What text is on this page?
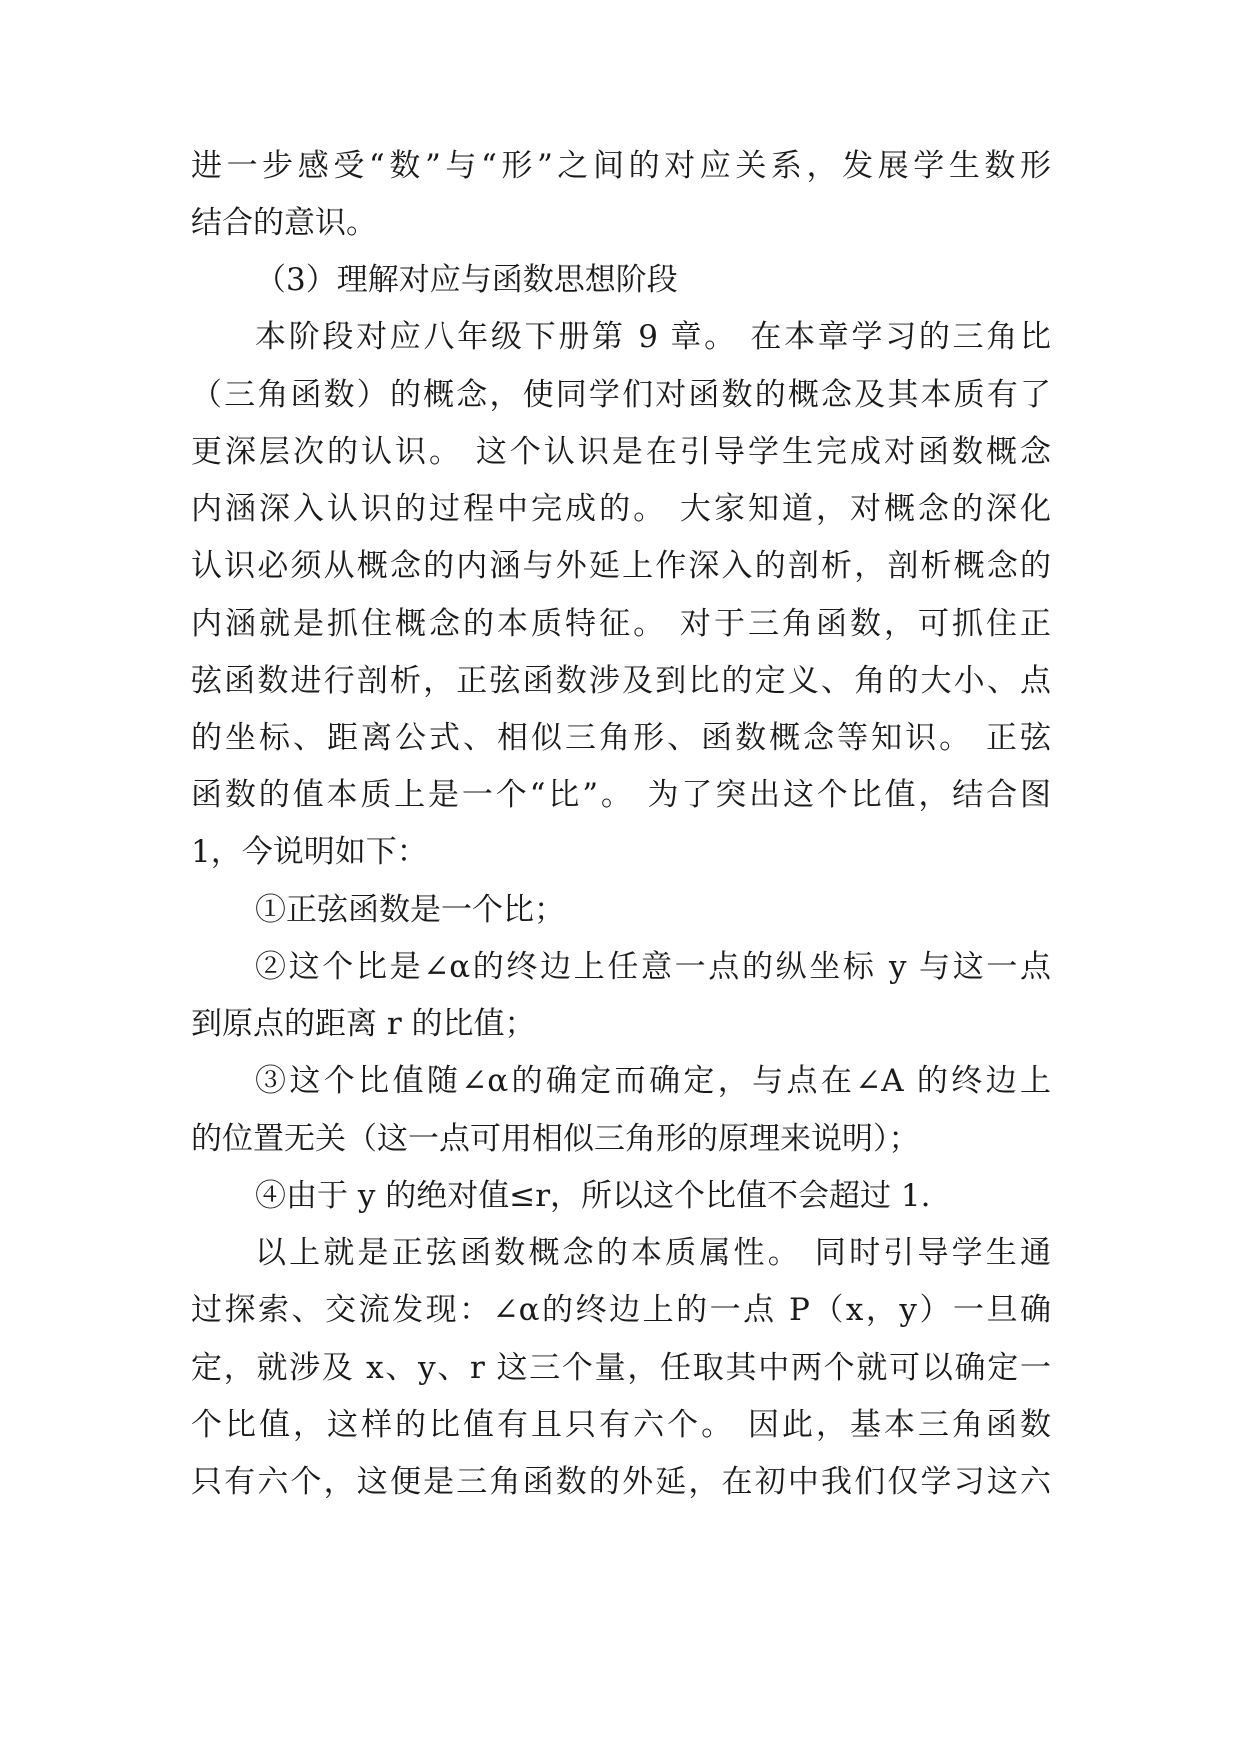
进一步感受“数”与“形”之间的对应关系，发展学生数形
结合的意识。
（3）理解对应与函数思想阶段
本阶段对应八年级下册第 9 章。 在本章学习的三角比
（三角函数）的概念，使同学们对函数的概念及其本质有了
更深层次的认识。 这个认识是在引导学生完成对函数概念
内涵深入认识的过程中完成的。 大家知道，对概念的深化
认识必须从概念的内涵与外延上作深入的剖析，剖析概念的
内涵就是抓住概念的本质特征。 对于三角函数，可抓住正
弦函数进行剖析，正弦函数涉及到比的定义、角的大小、点
的坐标、距离公式、相似三角形、函数概念等知识。 正弦
函数的值本质上是一个“比”。 为了突出这个比值，结合图
1，今说明如下：
①正弦函数是一个比；
②这个比是∠α的终边上任意一点的纵坐标 y 与这一点
到原点的距离 r 的比值；
③这个比值随∠α的确定而确定，与点在∠A 的终边上
的位置无关（这一点可用相似三角形的原理来说明）；
④由于 y 的绝对值≤r，所以这个比值不会超过 1.
以上就是正弦函数概念的本质属性。 同时引导学生通
过探索、交流发现：∠α的终边上的一点 P（x，y）一旦确
定，就涉及 x、y、r 这三个量，任取其中两个就可以确定一
个比值，这样的比值有且只有六个。 因此，基本三角函数
只有六个，这便是三角函数的外延，在初中我们仅学习这六
